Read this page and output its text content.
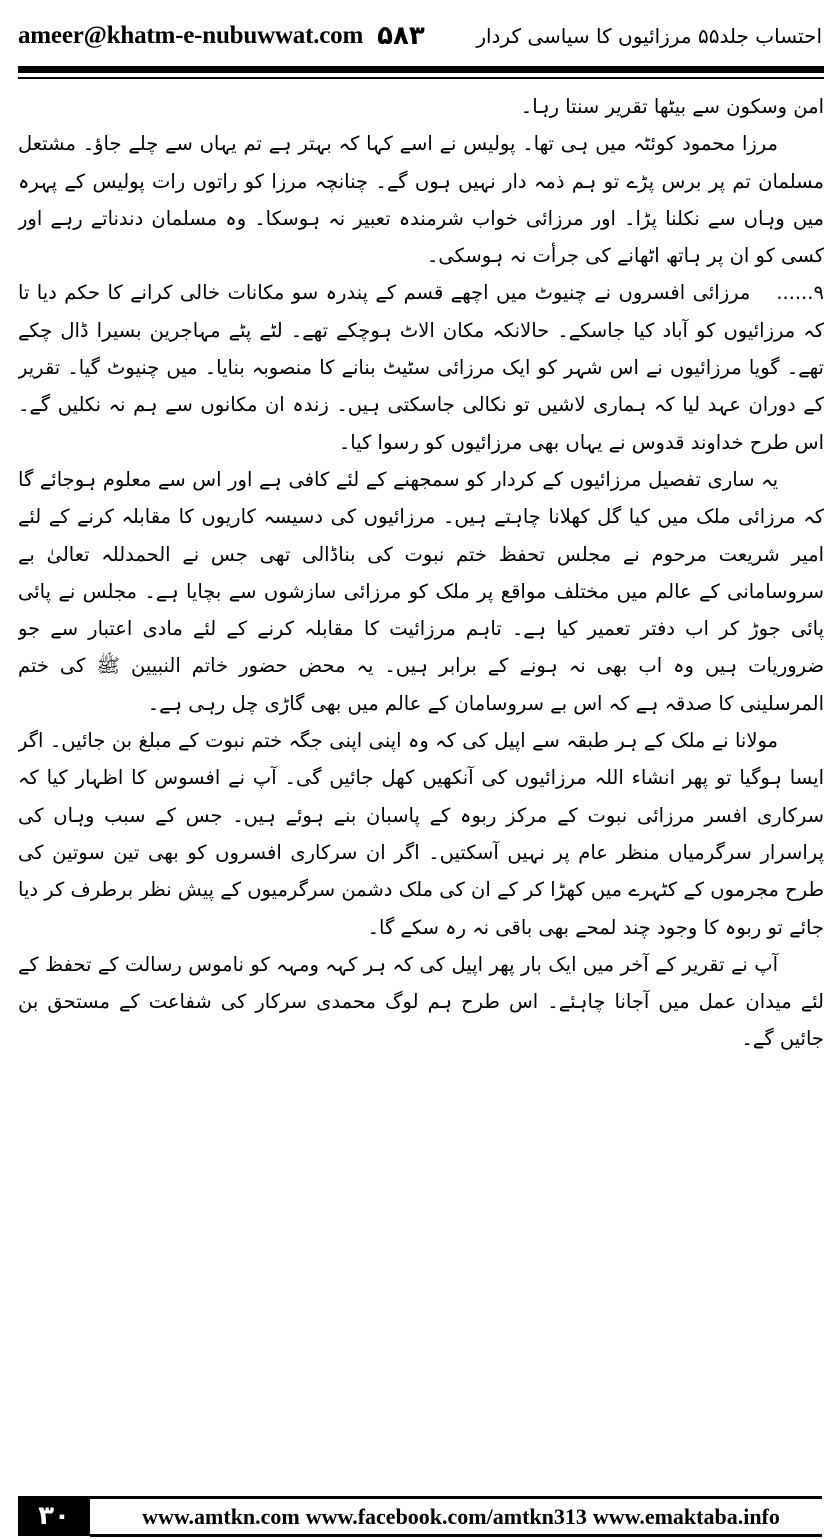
ameer@khatm-e-nubuwwat.com ۵۸۳	احتساب جلد۵۵ مرزائیوں کا سیاسی کردار

امن وسکون سے بیٹھا تقریر سنتا رہا۔

مرزا محمود کوئٹہ میں ہی تھا۔ پولیس نے اسے کہا کہ بہتر ہے تم یہاں سے چلے جاؤ۔ مشتعل مسلمان تم پر برس پڑے تو ہم ذمہ دار نہیں ہوں گے۔ چنانچہ مرزا کو راتوں رات پولیس کے پہرہ میں وہاں سے نکلنا پڑا۔ اور مرزائی خواب شرمندہ تعبیر نہ ہوسکا۔ وہ مسلمان دندناتے رہے اور کسی کو ان پر ہاتھ اٹھانے کی جرأت نہ ہوسکی۔

۹......مرزائی افسروں نے چنیوٹ میں اچھے قسم کے پندرہ سو مکانات خالی کرانے کا حکم دیا تا کہ مرزائیوں کو آباد کیا جاسکے۔ حالانکہ مکان الاٹ ہوچکے تھے۔ لٹے پٹے مہاجرین بسیرا ڈال چکے تھے۔ گویا مرزائیوں نے اس شہر کو ایک مرزائی سٹیٹ بنانے کا منصوبہ بنایا۔ میں چنیوٹ گیا۔ تقریر کے دوران عہد لیا کہ ہماری لاشیں تو نکالی جاسکتی ہیں۔ زندہ ان مکانوں سے ہم نہ نکلیں گے۔ اس طرح خداوند قدوس نے یہاں بھی مرزائیوں کو رسوا کیا۔

یہ ساری تفصیل مرزائیوں کے کردار کو سمجھنے کے لئے کافی ہے اور اس سے معلوم ہوجائے گا کہ مرزائی ملک میں کیا گل کھلانا چاہتے ہیں۔ مرزائیوں کی دسیسہ کاریوں کا مقابلہ کرنے کے لئے امیر شریعت مرحوم نے مجلس تحفظ ختم نبوت کی بناڈالی تھی جس نے الحمدللہ تعالیٰ بے سروسامانی کے عالم میں مختلف مواقع پر ملک کو مرزائی سازشوں سے بچایا ہے۔ مجلس نے پائی پائی جوڑ کر اب دفتر تعمیر کیا ہے۔ تاہم مرزائیت کا مقابلہ کرنے کے لئے مادی اعتبار سے جو ضروریات ہیں وہ اب بھی نہ ہونے کے برابر ہیں۔ یہ محض حضور خاتم النبیین ﷺ کی ختم المرسلینی کا صدقہ ہے کہ اس بے سروسامان کے عالم میں بھی گاڑی چل رہی ہے۔

مولانا نے ملک کے ہر طبقہ سے اپیل کی کہ وہ اپنی اپنی جگہ ختم نبوت کے مبلغ بن جائیں۔ اگر ایسا ہوگیا تو پھر انشاء اللہ مرزائیوں کی آنکھیں کھل جائیں گی۔ آپ نے افسوس کا اظہار کیا کہ سرکاری افسر مرزائی نبوت کے مرکز ربوہ کے پاسبان بنے ہوئے ہیں۔ جس کے سبب وہاں کی پراسرار سرگرمیاں منظر عام پر نہیں آسکتیں۔ اگر ان سرکاری افسروں کو بھی تین سوتین کی طرح مجرموں کے کٹہرے میں کھڑا کر کے ان کی ملک دشمن سرگرمیوں کے پیش نظر برطرف کر دیا جائے تو ربوہ کا وجود چند لمحے بھی باقی نہ رہ سکے گا۔

آپ نے تقریر کے آخر میں ایک بار پھر اپیل کی کہ ہر کہہ ومہہ کو ناموس رسالت کے تحفظ کے لئے میدان عمل میں آجانا چاہئے۔ اس طرح ہم لوگ محمدی سرکار کی شفاعت کے مستحق بن جائیں گے۔

۳۰	www.amtkn.com www.facebook.com/amtkn313 www.emaktaba.info
